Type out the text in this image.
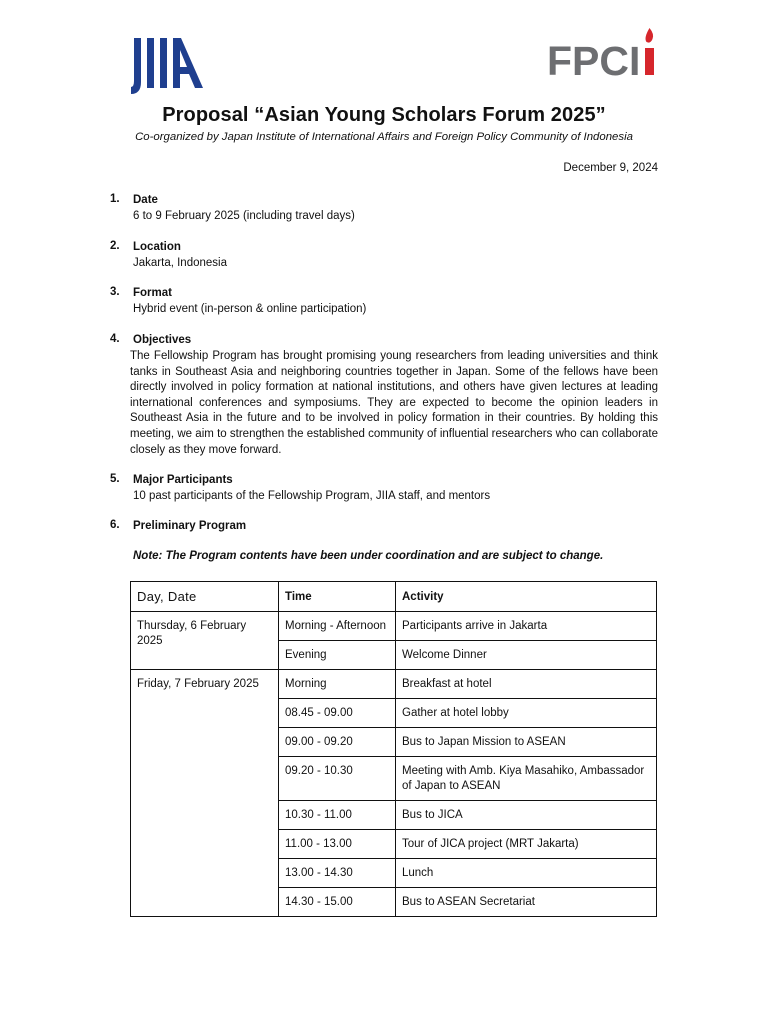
FPCI
Proposal “Asian Young Scholars Forum 2025”
Co-organized by Japan Institute of International Affairs and Foreign Policy Community of Indonesia
December 9, 2024
1. Date
6 to 9 February 2025 (including travel days)
2. Location
Jakarta, Indonesia
3. Format
Hybrid event (in-person & online participation)
4. Objectives
The Fellowship Program has brought promising young researchers from leading universities and think tanks in Southeast Asia and neighboring countries together in Japan. Some of the fellows have been directly involved in policy formation at national institutions, and others have given lectures at leading international conferences and symposiums. They are expected to become the opinion leaders in Southeast Asia in the future and to be involved in policy formation in their countries. By holding this meeting, we aim to strengthen the established community of influential researchers who can collaborate closely as they move forward.
5. Major Participants
10 past participants of the Fellowship Program, JIIA staff, and mentors
6. Preliminary Program
Note: The Program contents have been under coordination and are subject to change.
Day, Date	Time	Activity
Thursday, 6 February 2025	Morning - Afternoon	Participants arrive in Jakarta
	Evening	Welcome Dinner
Friday, 7 February 2025	Morning	Breakfast at hotel
	08.45 - 09.00	Gather at hotel lobby
	09.00 - 09.20	Bus to Japan Mission to ASEAN
	09.20 - 10.30	Meeting with Amb. Kiya Masahiko, Ambassador of Japan to ASEAN
	10.30 - 11.00	Bus to JICA
	11.00 - 13.00	Tour of JICA project (MRT Jakarta)
	13.00 - 14.30	Lunch
	14.30 - 15.00	Bus to ASEAN Secretariat
